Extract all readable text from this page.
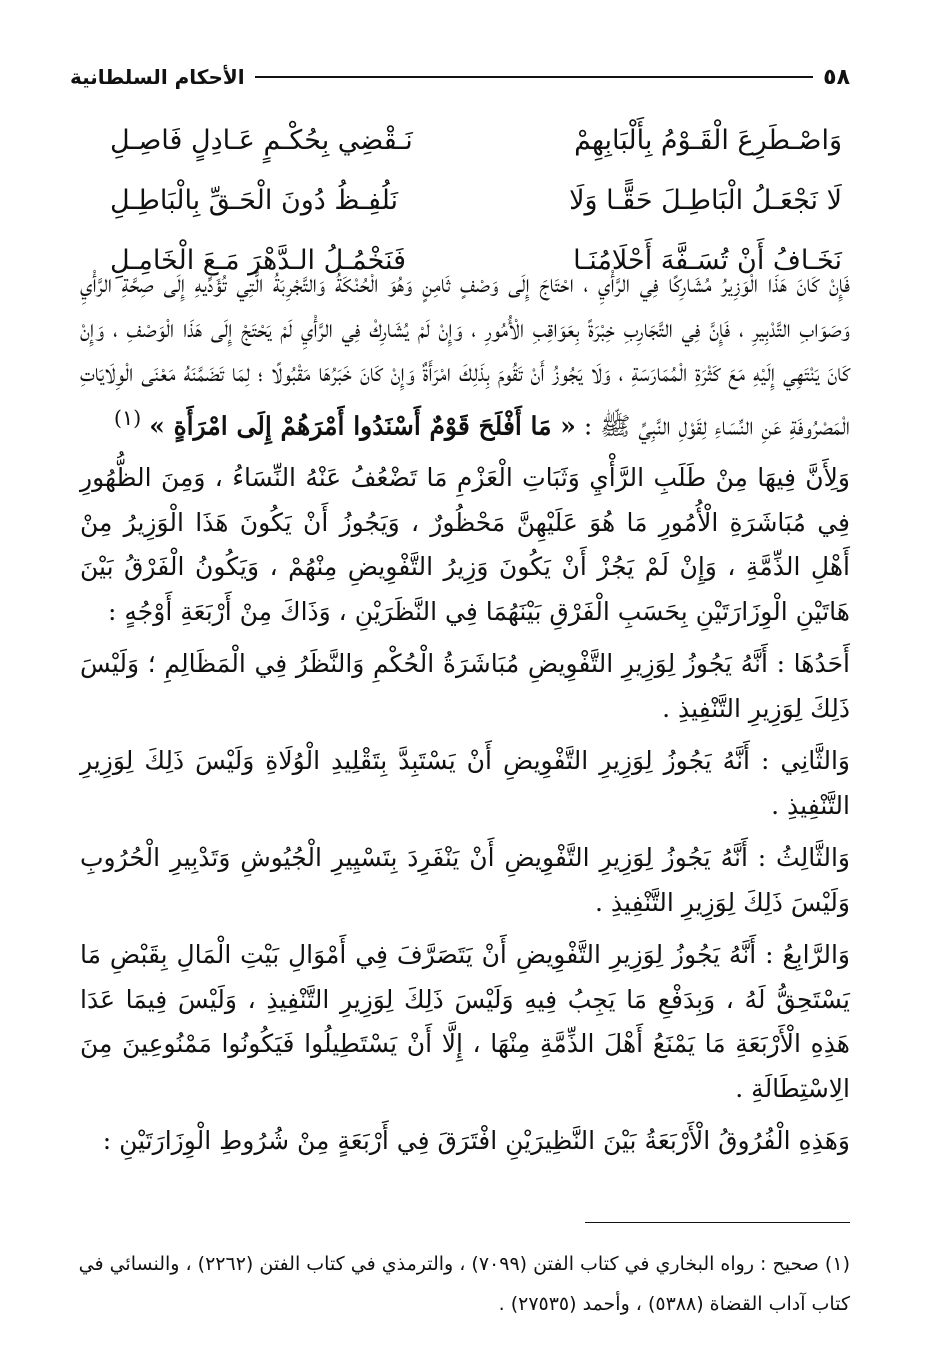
الأحكام السلطانية	٥٨
وَاصْـطَرِعَ الْقَـوْمُ بِأَلْبَابِهِمْ
نَـقْضِي بِحُكْـمٍ عَـادِلٍ فَاصِـلِ
لَا نَجْعَـلُ الْبَاطِـلَ حَقًّـا وَلَا
نَلُفِـظُ دُونَ الْحَـقِّ بِالْبَاطِـلِ
نَخَـافُ أَنْ تُسَـفَّهَ أَحْلَامُنَـا
فَنَخْمُـلُ الـدَّهْرَ مَـعَ الْخَامِـلِ

فَإِنْ كَانَ هَذَا الْوَزِيرُ مُشَارِكًا فِي الرَّأْيِ ، احْتَاجَ إِلَى وَصْفٍ ثَامِنٍ وَهُوَ الْحُنْكَةُ وَالتَّجْرِبَةُ الَّتِي تُؤَدِّيهِ إِلَى صِحَّةِ الرَّأْيِ وَصَوَابِ التَّدْبِيرِ ، فَإِنَّ فِي التَّجَارِبِ خِبْرَةً بِعَوَاقِبِ الْأُمُورِ ، وَإِنْ لَمْ يُشَارِكْ فِي الرَّأْيِ لَمْ يَحْتَجْ إِلَى هَذَا الْوَصْفِ ، وَإِنْ كَانَ يَنْتَهِي إِلَيْهِ مَعَ كَثْرَةِ الْمُمَارَسَةِ ، وَلَا يَجُوزُ أَنْ تَقُومَ بِذَلِكَ امْرَأَةٌ وَإِنْ كَانَ خَبَرُهَا مَقْبُولًا ؛ لِمَا تَضَمَّنَهُ مَعْنَى الْوِلَايَاتِ الْمَصْرُوفَةِ عَنِ النِّسَاءِ لِقَوْلِ النَّبِيِّ ﷺ : « مَا أَفْلَحَ قَوْمٌ أَسْنَدُوا أَمْرَهُمْ إِلَى امْرَأَةٍ » $^{(١)}$

وَلِأَنَّ فِيهَا مِنْ طَلَبِ الرَّأْيِ وَثَبَاتِ الْعَزْمِ مَا تَضْعُفُ عَنْهُ النِّسَاءُ ، وَمِنَ الظُّهُورِ فِي مُبَاشَرَةِ الْأُمُورِ مَا هُوَ عَلَيْهِنَّ مَحْظُورٌ ، وَيَجُوزُ أَنْ يَكُونَ هَذَا الْوَزِيرُ مِنْ أَهْلِ الذِّمَّةِ ، وَإِنْ لَمْ يَجُزْ أَنْ يَكُونَ وَزِيرُ التَّفْوِيضِ مِنْهُمْ ، وَيَكُونُ الْفَرْقُ بَيْنَ هَاتَيْنِ الْوِزَارَتَيْنِ بِحَسَبِ الْفَرْقِ بَيْنَهُمَا فِي النَّظَرَيْنِ ، وَذَاكَ مِنْ أَرْبَعَةِ أَوْجُهٍ :

أَحَدُهَا : أَنَّهُ يَجُوزُ لِوَزِيرِ التَّفْوِيضِ مُبَاشَرَةُ الْحُكْمِ وَالنَّظَرُ فِي الْمَظَالِمِ ؛ وَلَيْسَ ذَلِكَ لِوَزِيرِ التَّنْفِيذِ .

وَالثَّانِي : أَنَّهُ يَجُوزُ لِوَزِيرِ التَّفْوِيضِ أَنْ يَسْتَبِدَّ بِتَقْلِيدِ الْوُلَاةِ وَلَيْسَ ذَلِكَ لِوَزِيرِ التَّنْفِيذِ .

وَالثَّالِثُ : أَنَّهُ يَجُوزُ لِوَزِيرِ التَّفْوِيضِ أَنْ يَنْفَرِدَ بِتَسْيِيرِ الْجُيُوشِ وَتَدْبِيرِ الْحُرُوبِ وَلَيْسَ ذَلِكَ لِوَزِيرِ التَّنْفِيذِ .

وَالرَّابِعُ : أَنَّهُ يَجُوزُ لِوَزِيرِ التَّفْوِيضِ أَنْ يَتَصَرَّفَ فِي أَمْوَالِ بَيْتِ الْمَالِ بِقَبْضِ مَا يَسْتَحِقُّ لَهُ ، وَبِدَفْعِ مَا يَجِبُ فِيهِ وَلَيْسَ ذَلِكَ لِوَزِيرِ التَّنْفِيذِ ، وَلَيْسَ فِيمَا عَدَا هَذِهِ الْأَرْبَعَةِ مَا يَمْنَعُ أَهْلَ الذِّمَّةِ مِنْهَا ، إِلَّا أَنْ يَسْتَطِيلُوا فَيَكُونُوا مَمْنُوعِينَ مِنَ الِاسْتِطَالَةِ .

وَهَذِهِ الْفُرُوقُ الْأَرْبَعَةُ بَيْنَ النَّظِيرَيْنِ افْتَرَقَ فِي أَرْبَعَةٍ مِنْ شُرُوطِ الْوِزَارَتَيْنِ :

(١) صحيح : رواه البخاري في كتاب الفتن (٧٠٩٩) ، والترمذي في كتاب الفتن (٢٢٦٢) ، والنسائي في

كتاب آداب القضاة (٥٣٨٨) ، وأحمد (٢٧٥٣٥) .
